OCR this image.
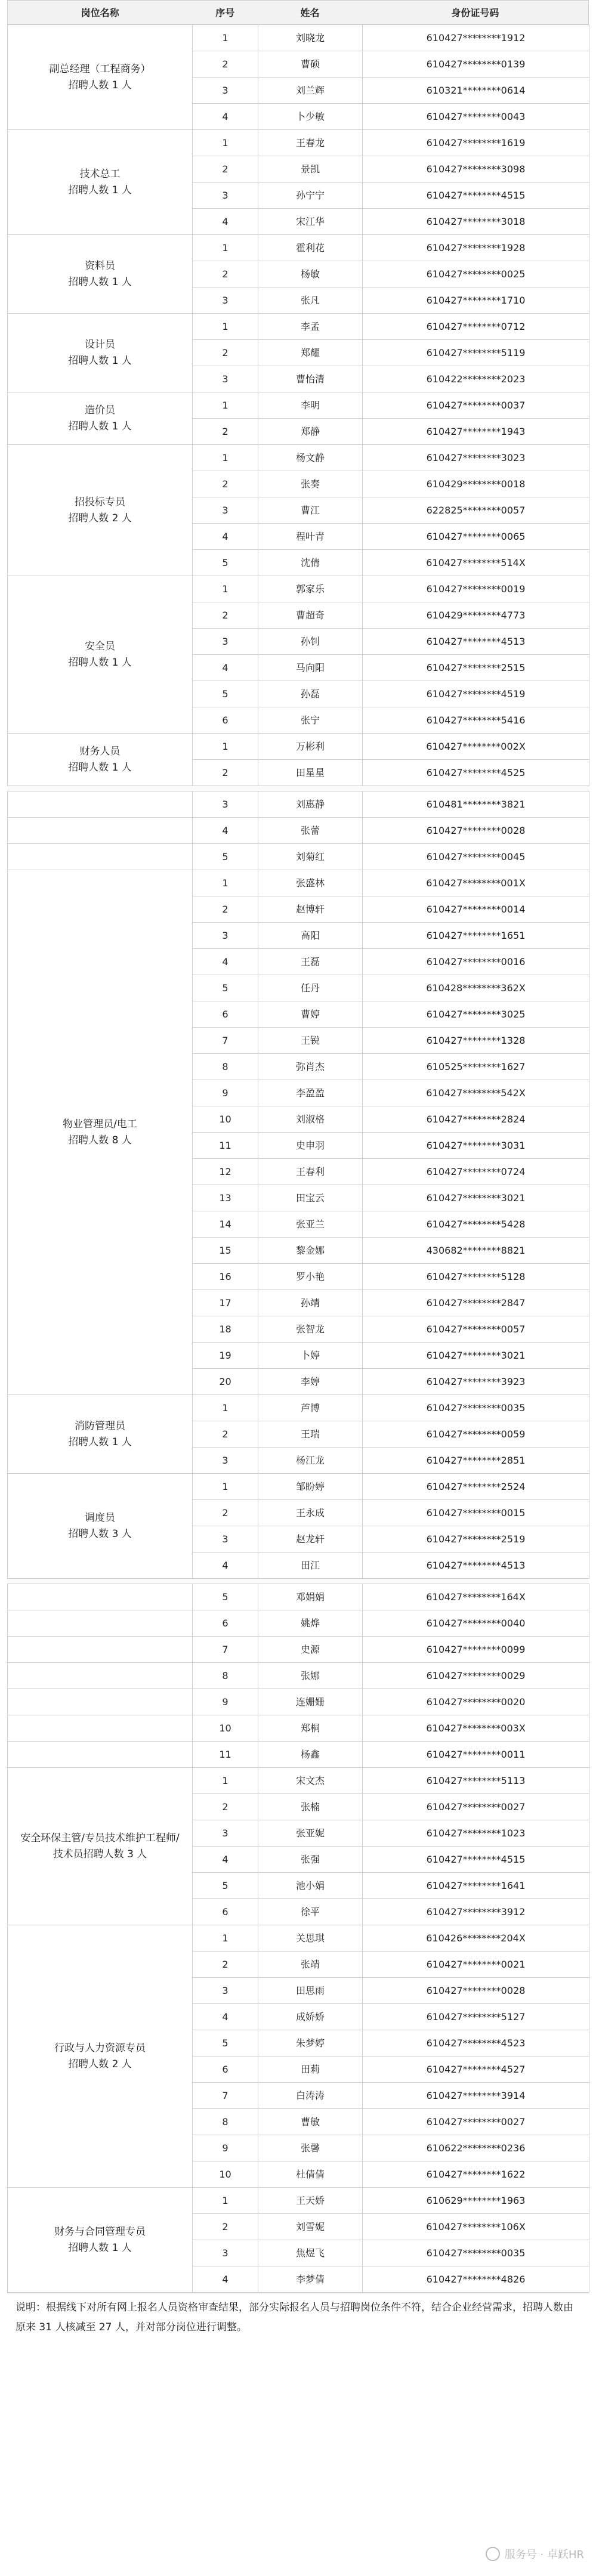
岗位名称	序号	姓名	身份证号码
副总经理（工程商务）
招聘人数 1 人	1	刘晓龙	610427********1912
	2	曹硕	610427********0139
	3	刘兰辉	610321********0614
	4	卜少敏	610427********0043

技术总工
招聘人数 1 人	1	王春龙	610427********1619
	2	景凯	610427********3098
	3	孙宁宁	610427********4515
	4	宋江华	610427********3018

资料员
招聘人数 1 人	1	霍利花	610427********1928
	2	杨敏	610427********0025
	3	张凡	610427********1710

设计员
招聘人数 1 人	1	李孟	610427********0712
	2	郑耀	610427********5119
	3	曹怡清	610422********2023

造价员
招聘人数 1 人	1	李明	610427********0037
	2	郑静	610427********1943

招投标专员
招聘人数 2 人	1	杨文静	610427********3023
	2	张奏	610429********0018
	3	曹江	622825********0057
	4	程叶青	610427********0065
	5	沈倩	610427********514X

安全员
招聘人数 1 人	1	郭家乐	610427********0019
	2	曹超奇	610429********4773
	3	孙钊	610427********4513
	4	马向阳	610427********2515
	5	孙磊	610427********4519
	6	张宁	610427********5416

财务人员
招聘人数 1 人	1	万彬利	610427********002X
	2	田星星	610427********4525
	3	刘惠静	610481********3821
	4	张蕾	610427********0028
	5	刘菊红	610427********0045

物业管理员/电工
招聘人数 8 人	1	张盛林	610427********001X
	2	赵博轩	610427********0014
	3	高阳	610427********1651
	4	王磊	610427********0016
	5	任丹	610428********362X
	6	曹婷	610427********3025
	7	王锐	610427********1328
	8	弥肖杰	610525********1627
	9	李盈盈	610427********542X
	10	刘淑格	610427********2824
	11	史申羽	610427********3031
	12	王春利	610427********0724
	13	田宝云	610427********3021
	14	张亚兰	610427********5428
	15	黎金娜	430682********8821
	16	罗小艳	610427********5128
	17	孙靖	610427********2847
	18	张智龙	610427********0057
	19	卜婷	610427********3021
	20	李婷	610427********3923

消防管理员
招聘人数 1 人	1	芦博	610427********0035
	2	王瑞	610427********0059
	3	杨江龙	610427********2851

调度员
招聘人数 3 人	1	邹盼婷	610427********2524
	2	王永成	610427********0015
	3	赵龙轩	610427********2519
	4	田江	610427********4513
	5	邓娟娟	610427********164X
	6	姚烨	610427********0040
	7	史源	610427********0099
	8	张娜	610427********0029
	9	连姗姗	610427********0020
	10	郑桐	610427********003X
	11	杨鑫	610427********0011

安全环保主管/专员技术维护工程师/技术员招聘人数 3 人	1	宋文杰	610427********5113
	2	张楠	610427********0027
	3	张亚妮	610427********1023
	4	张强	610427********4515
	5	池小娟	610427********1641
	6	徐平	610427********3912

行政与人力资源专员
招聘人数 2 人	1	关思琪	610426********204X
	2	张靖	610427********0021
	3	田思雨	610427********0028
	4	成娇娇	610427********5127
	5	朱梦婷	610427********4523
	6	田莉	610427********4527
	7	白涛涛	610427********3914
	8	曹敏	610427********0027
	9	张馨	610622********0236
	10	杜倩倩	610427********1622

财务与合同管理专员
招聘人数 1 人	1	王天娇	610629********1963
	2	刘雪妮	610427********106X
	3	焦煜飞	610427********0035
	4	李梦倩	610427********4826
说明：根据线下对所有网上报名人员资格审查结果，部分实际报名人员与招聘岗位条件不符，结合企业经营需求，招聘人数由原来 31 人核减至 27 人，并对部分岗位进行调整。
服务号 · 卓跃HR
